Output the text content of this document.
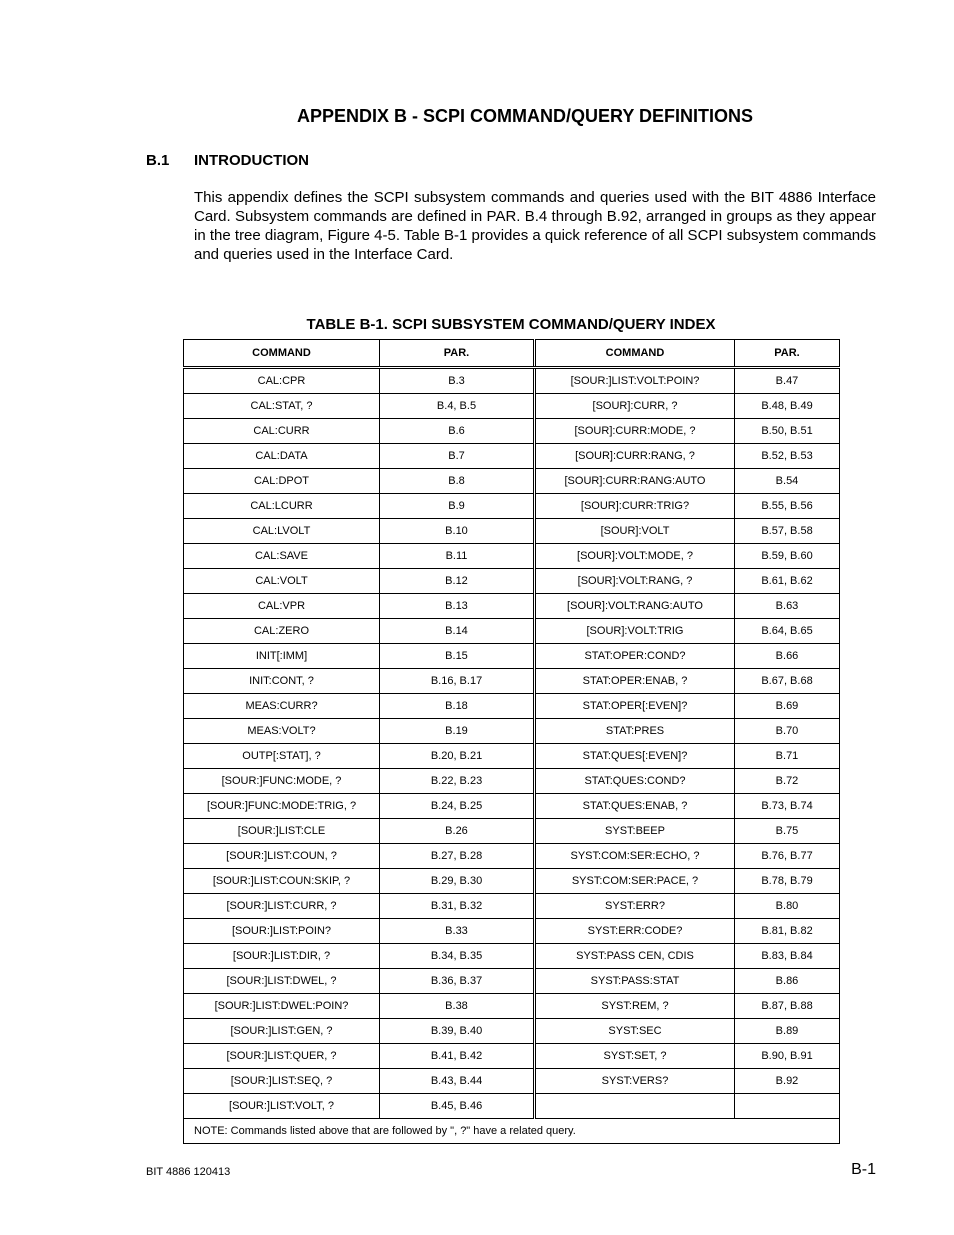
APPENDIX B - SCPI COMMAND/QUERY DEFINITIONS
B.1 INTRODUCTION

This appendix defines the SCPI subsystem commands and queries used with the BIT 4886 Interface Card. Subsystem commands are defined in PAR. B.4 through B.92, arranged in groups as they appear in the tree diagram, Figure 4-5. Table B-1 provides a quick reference of all SCPI subsystem commands and queries used in the Interface Card.

TABLE B-1. SCPI SUBSYSTEM COMMAND/QUERY INDEX
COMMAND	PAR.	COMMAND	PAR.
CAL:CPR	B.3	[SOUR:]LIST:VOLT:POIN?	B.47
CAL:STAT, ?	B.4, B.5	[SOUR]:CURR, ?	B.48, B.49
CAL:CURR	B.6	[SOUR]:CURR:MODE, ?	B.50, B.51
CAL:DATA	B.7	[SOUR]:CURR:RANG, ?	B.52, B.53
CAL:DPOT	B.8	[SOUR]:CURR:RANG:AUTO	B.54
CAL:LCURR	B.9	[SOUR]:CURR:TRIG?	B.55, B.56
CAL:LVOLT	B.10	[SOUR]:VOLT	B.57, B.58
CAL:SAVE	B.11	[SOUR]:VOLT:MODE, ?	B.59, B.60
CAL:VOLT	B.12	[SOUR]:VOLT:RANG, ?	B.61, B.62
CAL:VPR	B.13	[SOUR]:VOLT:RANG:AUTO	B.63
CAL:ZERO	B.14	[SOUR]:VOLT:TRIG	B.64, B.65
INIT[:IMM]	B.15	STAT:OPER:COND?	B.66
INIT:CONT, ?	B.16, B.17	STAT:OPER:ENAB, ?	B.67, B.68
MEAS:CURR?	B.18	STAT:OPER[:EVEN]?	B.69
MEAS:VOLT?	B.19	STAT:PRES	B.70
OUTP[:STAT], ?	B.20, B.21	STAT:QUES[:EVEN]?	B.71
[SOUR:]FUNC:MODE, ?	B.22, B.23	STAT:QUES:COND?	B.72
[SOUR:]FUNC:MODE:TRIG, ?	B.24, B.25	STAT:QUES:ENAB, ?	B.73, B.74
[SOUR:]LIST:CLE	B.26	SYST:BEEP	B.75
[SOUR:]LIST:COUN, ?	B.27, B.28	SYST:COM:SER:ECHO, ?	B.76, B.77
[SOUR:]LIST:COUN:SKIP, ?	B.29, B.30	SYST:COM:SER:PACE, ?	B.78, B.79
[SOUR:]LIST:CURR, ?	B.31, B.32	SYST:ERR?	B.80
[SOUR:]LIST:POIN?	B.33	SYST:ERR:CODE?	B.81, B.82
[SOUR:]LIST:DIR, ?	B.34, B.35	SYST:PASS CEN, CDIS	B.83, B.84
[SOUR:]LIST:DWEL, ?	B.36, B.37	SYST:PASS:STAT	B.86
[SOUR:]LIST:DWEL:POIN?	B.38	SYST:REM, ?	B.87, B.88
[SOUR:]LIST:GEN, ?	B.39, B.40	SYST:SEC	B.89
[SOUR:]LIST:QUER, ?	B.41, B.42	SYST:SET, ?	B.90, B.91
[SOUR:]LIST:SEQ, ?	B.43, B.44	SYST:VERS?	B.92
[SOUR:]LIST:VOLT, ?	B.45, B.46		
NOTE: Commands listed above that are followed by ", ?" have a related query.			
BIT 4886 120413	B-1
